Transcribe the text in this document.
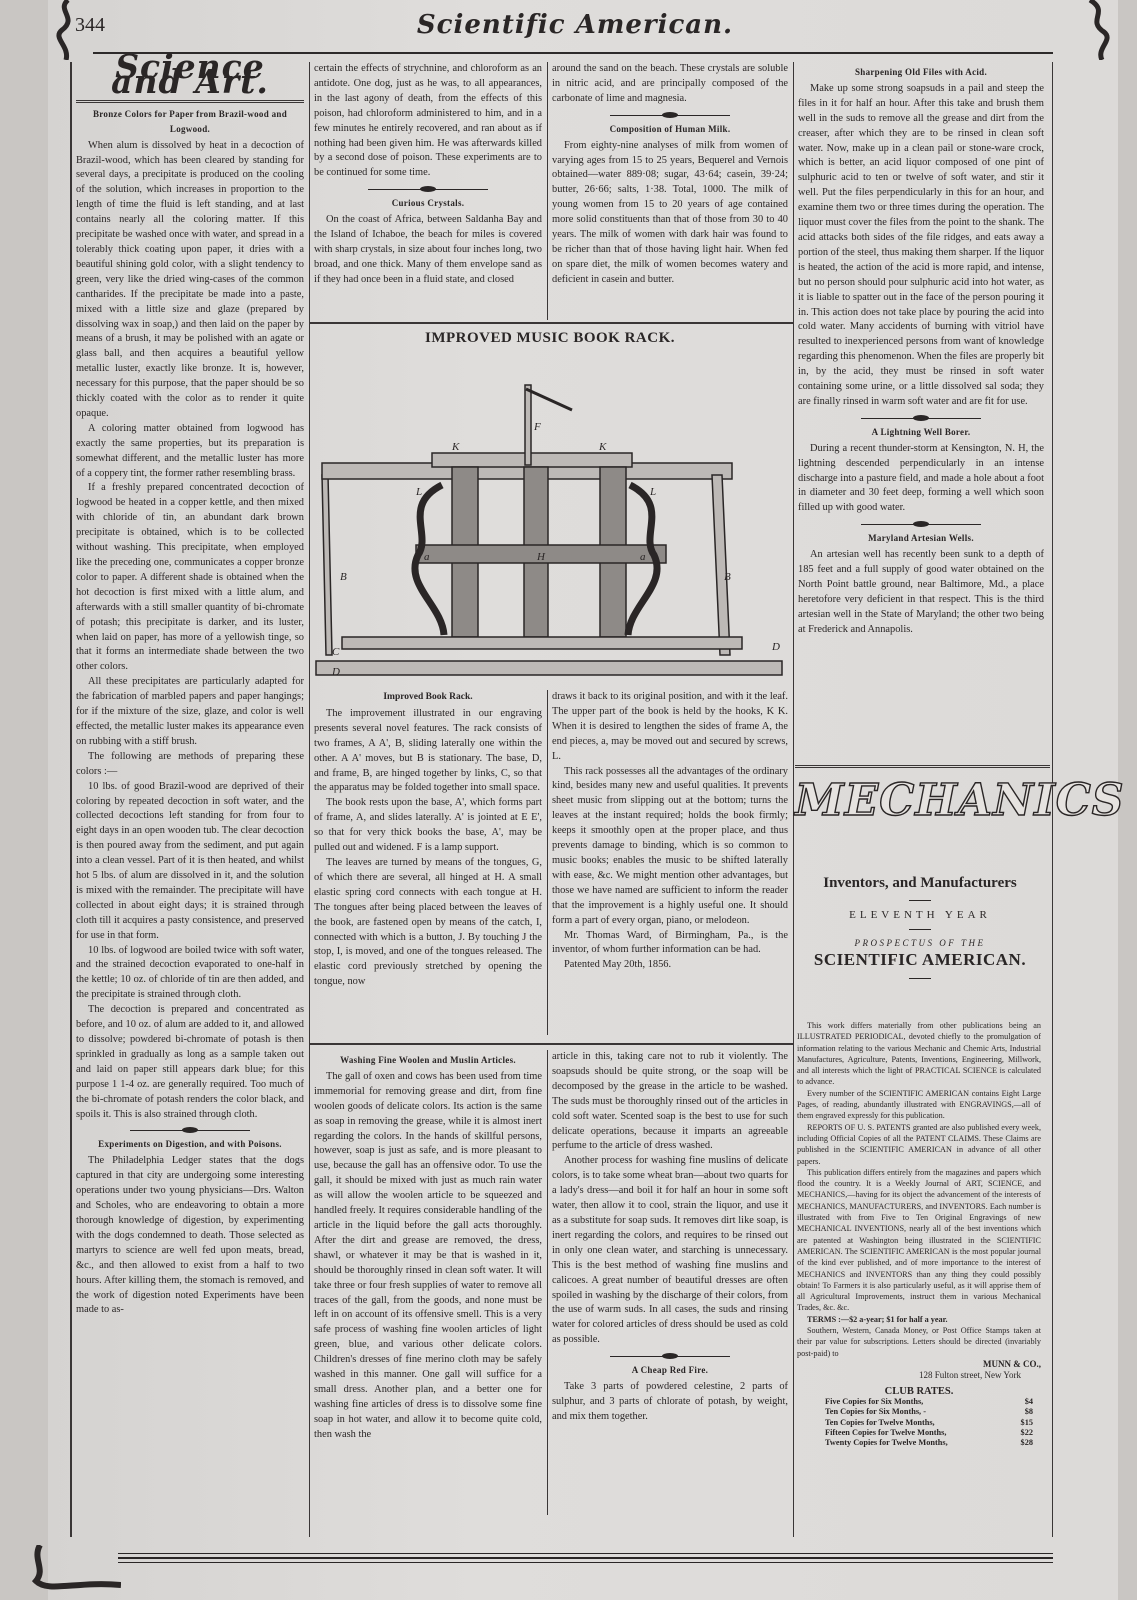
344	Scientific American.
Science and Art.
Bronze Colors for Paper from Brazil-wood and Logwood.

When alum is dissolved by heat in a decoction of Brazil-wood, which has been cleared by standing for several days, a precipitate is produced on the cooling of the solution, which increases in proportion to the length of time the fluid is left standing, and at last contains nearly all the coloring matter. If this precipitate be washed once with water, and spread in a tolerably thick coating upon paper, it dries with a beautiful shining gold color, with a slight tendency to green, very like the dried wing-cases of the common cantharides. If the precipitate be made into a paste, mixed with a little size and glaze (prepared by dissolving wax in soap,) and then laid on the paper by means of a brush, it may be polished with an agate or glass ball, and then acquires a beautiful yellow metallic luster, exactly like bronze. It is, however, necessary for this purpose, that the paper should be so thickly coated with the color as to render it quite opaque.

A coloring matter obtained from logwood has exactly the same properties, but its preparation is somewhat different, and the metallic luster has more of a coppery tint, the former rather resembling brass.

If a freshly prepared concentrated decoction of logwood be heated in a copper kettle, and then mixed with chloride of tin, an abundant dark brown precipitate is obtained, which is to be collected without washing. This precipitate, when employed like the preceding one, communicates a copper bronze color to paper. A different shade is obtained when the hot decoction is first mixed with a little alum, and afterwards with a still smaller quantity of bi-chromate of potash; this precipitate is darker, and its luster, when laid on paper, has more of a yellowish tinge, so that it forms an intermediate shade between the two other colors.

All these precipitates are particularly adapted for the fabrication of marbled papers and paper hangings; for if the mixture of the size, glaze, and color is well effected, the metallic luster makes its appearance even on rubbing with a stiff brush.

The following are methods of preparing these colors :—

10 lbs. of good Brazil-wood are deprived of their coloring by repeated decoction in soft water, and the collected decoctions left standing for from four to eight days in an open wooden tub. The clear decoction is then poured away from the sediment, and put again into a clean vessel. Part of it is then heated, and whilst hot 5 lbs. of alum are dissolved in it, and the solution is mixed with the remainder. The precipitate will have collected in about eight days; it is strained through cloth till it acquires a pasty consistence, and preserved for use in that form.

10 lbs. of logwood are boiled twice with soft water, and the strained decoction evaporated to one-half in the kettle; 10 oz. of chloride of tin are then added, and the precipitate is strained through cloth.

The decoction is prepared and concentrated as before, and 10 oz. of alum are added to it, and allowed to dissolve; powdered bi-chromate of potash is then sprinkled in gradually as long as a sample taken out and laid on paper still appears dark blue; for this purpose 1 1-4 oz. are generally required. Too much of the bi-chromate of potash renders the color black, and spoils it. This is also strained through cloth.

Experiments on Digestion, and with Poisons.

The Philadelphia Ledger states that the dogs captured in that city are undergoing some interesting operations under two young physicians—Drs. Walton and Scholes, who are endeavoring to obtain a more thorough knowledge of digestion, by experimenting with the dogs condemned to death. Those selected as martyrs to science are well fed upon meats, bread, &c., and then allowed to exist from a half to two hours. After killing them, the stomach is removed, and the work of digestion noted Experiments have been made to as-

certain the effects of strychnine, and chloroform as an antidote. One dog, just as he was, to all appearances, in the last agony of death, from the effects of this poison, had chloroform administered to him, and in a few minutes he entirely recovered, and ran about as if nothing had been given him. He was afterwards killed by a second dose of poison. These experiments are to be continued for some time.

Curious Crystals.

On the coast of Africa, between Saldanha Bay and the Island of Ichaboe, the beach for miles is covered with sharp crystals, in size about four inches long, two broad, and one thick. Many of them envelope sand as if they had once been in a fluid state, and closed

around the sand on the beach. These crystals are soluble in nitric acid, and are principally composed of the carbonate of lime and magnesia.

Composition of Human Milk.

From eighty-nine analyses of milk from women of varying ages from 15 to 25 years, Bequerel and Vernois obtained—water 889·08; sugar, 43·64; casein, 39·24; butter, 26·66; salts, 1·38. Total, 1000. The milk of young women from 15 to 20 years of age contained more solid constituents than that of those from 30 to 40 years. The milk of women with dark hair was found to be richer than that of those having light hair. When fed on spare diet, the milk of women becomes watery and deficient in casein and butter.

IMPROVED MUSIC BOOK RACK.
F
K	K
L	L
B	B
C
D
D
H
a	a
Improved Book Rack.

The improvement illustrated in our engraving presents several novel features. The rack consists of two frames, A A', B, sliding laterally one within the other. A A' moves, but B is stationary. The base, D, and frame, B, are hinged together by links, C, so that the apparatus may be folded together into small space.

The book rests upon the base, A', which forms part of frame, A, and slides laterally. A' is jointed at E E', so that for very thick books the base, A', may be pulled out and widened. F is a lamp support.

The leaves are turned by means of the tongues, G, of which there are several, all hinged at H. A small elastic spring cord connects with each tongue at H. The tongues after being placed between the leaves of the book, are fastened open by means of the catch, I, connected with which is a button, J. By touching J the stop, I, is moved, and one of the tongues released. The elastic cord previously stretched by opening the tongue, now

draws it back to its original position, and with it the leaf. The upper part of the book is held by the hooks, K K. When it is desired to lengthen the sides of frame A, the end pieces, a, may be moved out and secured by screws, L.

This rack possesses all the advantages of the ordinary kind, besides many new and useful qualities. It prevents sheet music from slipping out at the bottom; turns the leaves at the instant required; holds the book firmly; keeps it smoothly open at the proper place, and thus prevents damage to binding, which is so common to music books; enables the music to be shifted laterally with ease, &c. We might mention other advantages, but those we have named are sufficient to inform the reader that the improvement is a highly useful one. It should form a part of every organ, piano, or melodeon.

Mr. Thomas Ward, of Birmingham, Pa., is the inventor, of whom further information can be had.

Patented May 20th, 1856.

Washing Fine Woolen and Muslin Articles.

The gall of oxen and cows has been used from time immemorial for removing grease and dirt, from fine woolen goods of delicate colors. Its action is the same as soap in removing the grease, while it is almost inert regarding the colors. In the hands of skillful persons, however, soap is just as safe, and is more pleasant to use, because the gall has an offensive odor. To use the gall, it should be mixed with just as much rain water as will allow the woolen article to be squeezed and handled freely. It requires considerable handling of the article in the liquid before the gall acts thoroughly. After the dirt and grease are removed, the dress, shawl, or whatever it may be that is washed in it, should be thoroughly rinsed in clean soft water. It will take three or four fresh supplies of water to remove all traces of the gall, from the goods, and none must be left in on account of its offensive smell. This is a very safe process of washing fine woolen articles of light green, blue, and various other delicate colors. Children's dresses of fine merino cloth may be safely washed in this manner. One gall will suffice for a small dress. Another plan, and a better one for washing fine articles of dress is to dissolve some fine soap in hot water, and allow it to become quite cold, then wash the

article in this, taking care not to rub it violently. The soapsuds should be quite strong, or the soap will be decomposed by the grease in the article to be washed. The suds must be thoroughly rinsed out of the articles in cold soft water. Scented soap is the best to use for such delicate operations, because it imparts an agreeable perfume to the article of dress washed.

Another process for washing fine muslins of delicate colors, is to take some wheat bran—about two quarts for a lady's dress—and boil it for half an hour in some soft water, then allow it to cool, strain the liquor, and use it as a substitute for soap suds. It removes dirt like soap, is inert regarding the colors, and requires to be rinsed out in only one clean water, and starching is unnecessary. This is the best method of washing fine muslins and calicoes. A great number of beautiful dresses are often spoiled in washing by the discharge of their colors, from the use of warm suds. In all cases, the suds and rinsing water for colored articles of dress should be used as cold as possible.

A Cheap Red Fire.

Take 3 parts of powdered celestine, 2 parts of sulphur, and 3 parts of chlorate of potash, by weight, and mix them together.

Sharpening Old Files with Acid.

Make up some strong soapsuds in a pail and steep the files in it for half an hour. After this take and brush them well in the suds to remove all the grease and dirt from the creaser, after which they are to be rinsed in clean soft water. Now, make up in a clean pail or stone-ware crock, which is better, an acid liquor composed of one pint of sulphuric acid to ten or twelve of soft water, and stir it well. Put the files perpendicularly in this for an hour, and examine them two or three times during the operation. The liquor must cover the files from the point to the shank. The acid attacks both sides of the file ridges, and eats away a portion of the steel, thus making them sharper. If the liquor is heated, the action of the acid is more rapid, and intense, but no person should pour sulphuric acid into hot water, as it is liable to spatter out in the face of the person pouring it in. This action does not take place by pouring the acid into cold water. Many accidents of burning with vitriol have resulted to inexperienced persons from want of knowledge regarding this phenomenon. When the files are properly bit in, by the acid, they must be rinsed in soft water containing some urine, or a little dissolved sal soda; they are finally rinsed in warm soft water and are fit for use.

A Lightning Well Borer.

During a recent thunder-storm at Kensington, N. H, the lightning descended perpendicularly in an intense discharge into a pasture field, and made a hole about a foot in diameter and 30 feet deep, forming a well which soon filled up with good water.

Maryland Artesian Wells.

An artesian well has recently been sunk to a depth of 185 feet and a full supply of good water obtained on the North Point battle ground, near Baltimore, Md., a place heretofore very deficient in that respect. This is the third artesian well in the State of Maryland; the other two being at Frederick and Annapolis.

MECHANICS
Inventors, and Manufacturers
ELEVENTH YEAR
PROSPECTUS OF THE
SCIENTIFIC AMERICAN.

This work differs materially from other publications being an ILLUSTRATED PERIODICAL, devoted chiefly to the promulgation of information relating to the various Mechanic and Chemic Arts, Industrial Manufactures, Agriculture, Patents, Inventions, Engineering, Millwork, and all interests which the light of PRACTICAL SCIENCE is calculated to advance.

Every number of the SCIENTIFIC AMERICAN contains Eight Large Pages, of reading, abundantly illustrated with ENGRAVINGS,—all of them engraved expressly for this publication.

REPORTS OF U. S. PATENTS granted are also published every week, including Official Copies of all the PATENT CLAIMS. These Claims are published in the SCIENTIFIC AMERICAN in advance of all other papers.

This publication differs entirely from the magazines and papers which flood the country. It is a Weekly Journal of ART, SCIENCE, and MECHANICS,—having for its object the advancement of the interests of MECHANICS, MANUFACTURERS, and INVENTORS. Each number is illustrated with from Five to Ten Original Engravings of new MECHANICAL INVENTIONS, nearly all of the best inventions which are patented at Washington being illustrated in the SCIENTIFIC AMERICAN. The SCIENTIFIC AMERICAN is the most popular journal of the kind ever published, and of more importance to the interest of MECHANICS and INVENTORS than any thing they could possibly obtain! To Farmers it is also particularly useful, as it will apprise them of all Agricultural Improvements, instruct them in various Mechanical Trades, &c. &c.

TERMS :—$2 a-year; $1 for half a year.

Southern, Western, Canada Money, or Post Office Stamps taken at their par value for subscriptions. Letters should be directed (invariably post-paid) to

MUNN & CO.,
128 Fulton street, New York
CLUB RATES.
Five Copies for Six Months,	$4
Ten Copies for Six Months, -	$8
Ten Copies for Twelve Months,	$15
Fifteen Copies for Twelve Months,	$22
Twenty Copies for Twelve Months,	$28
